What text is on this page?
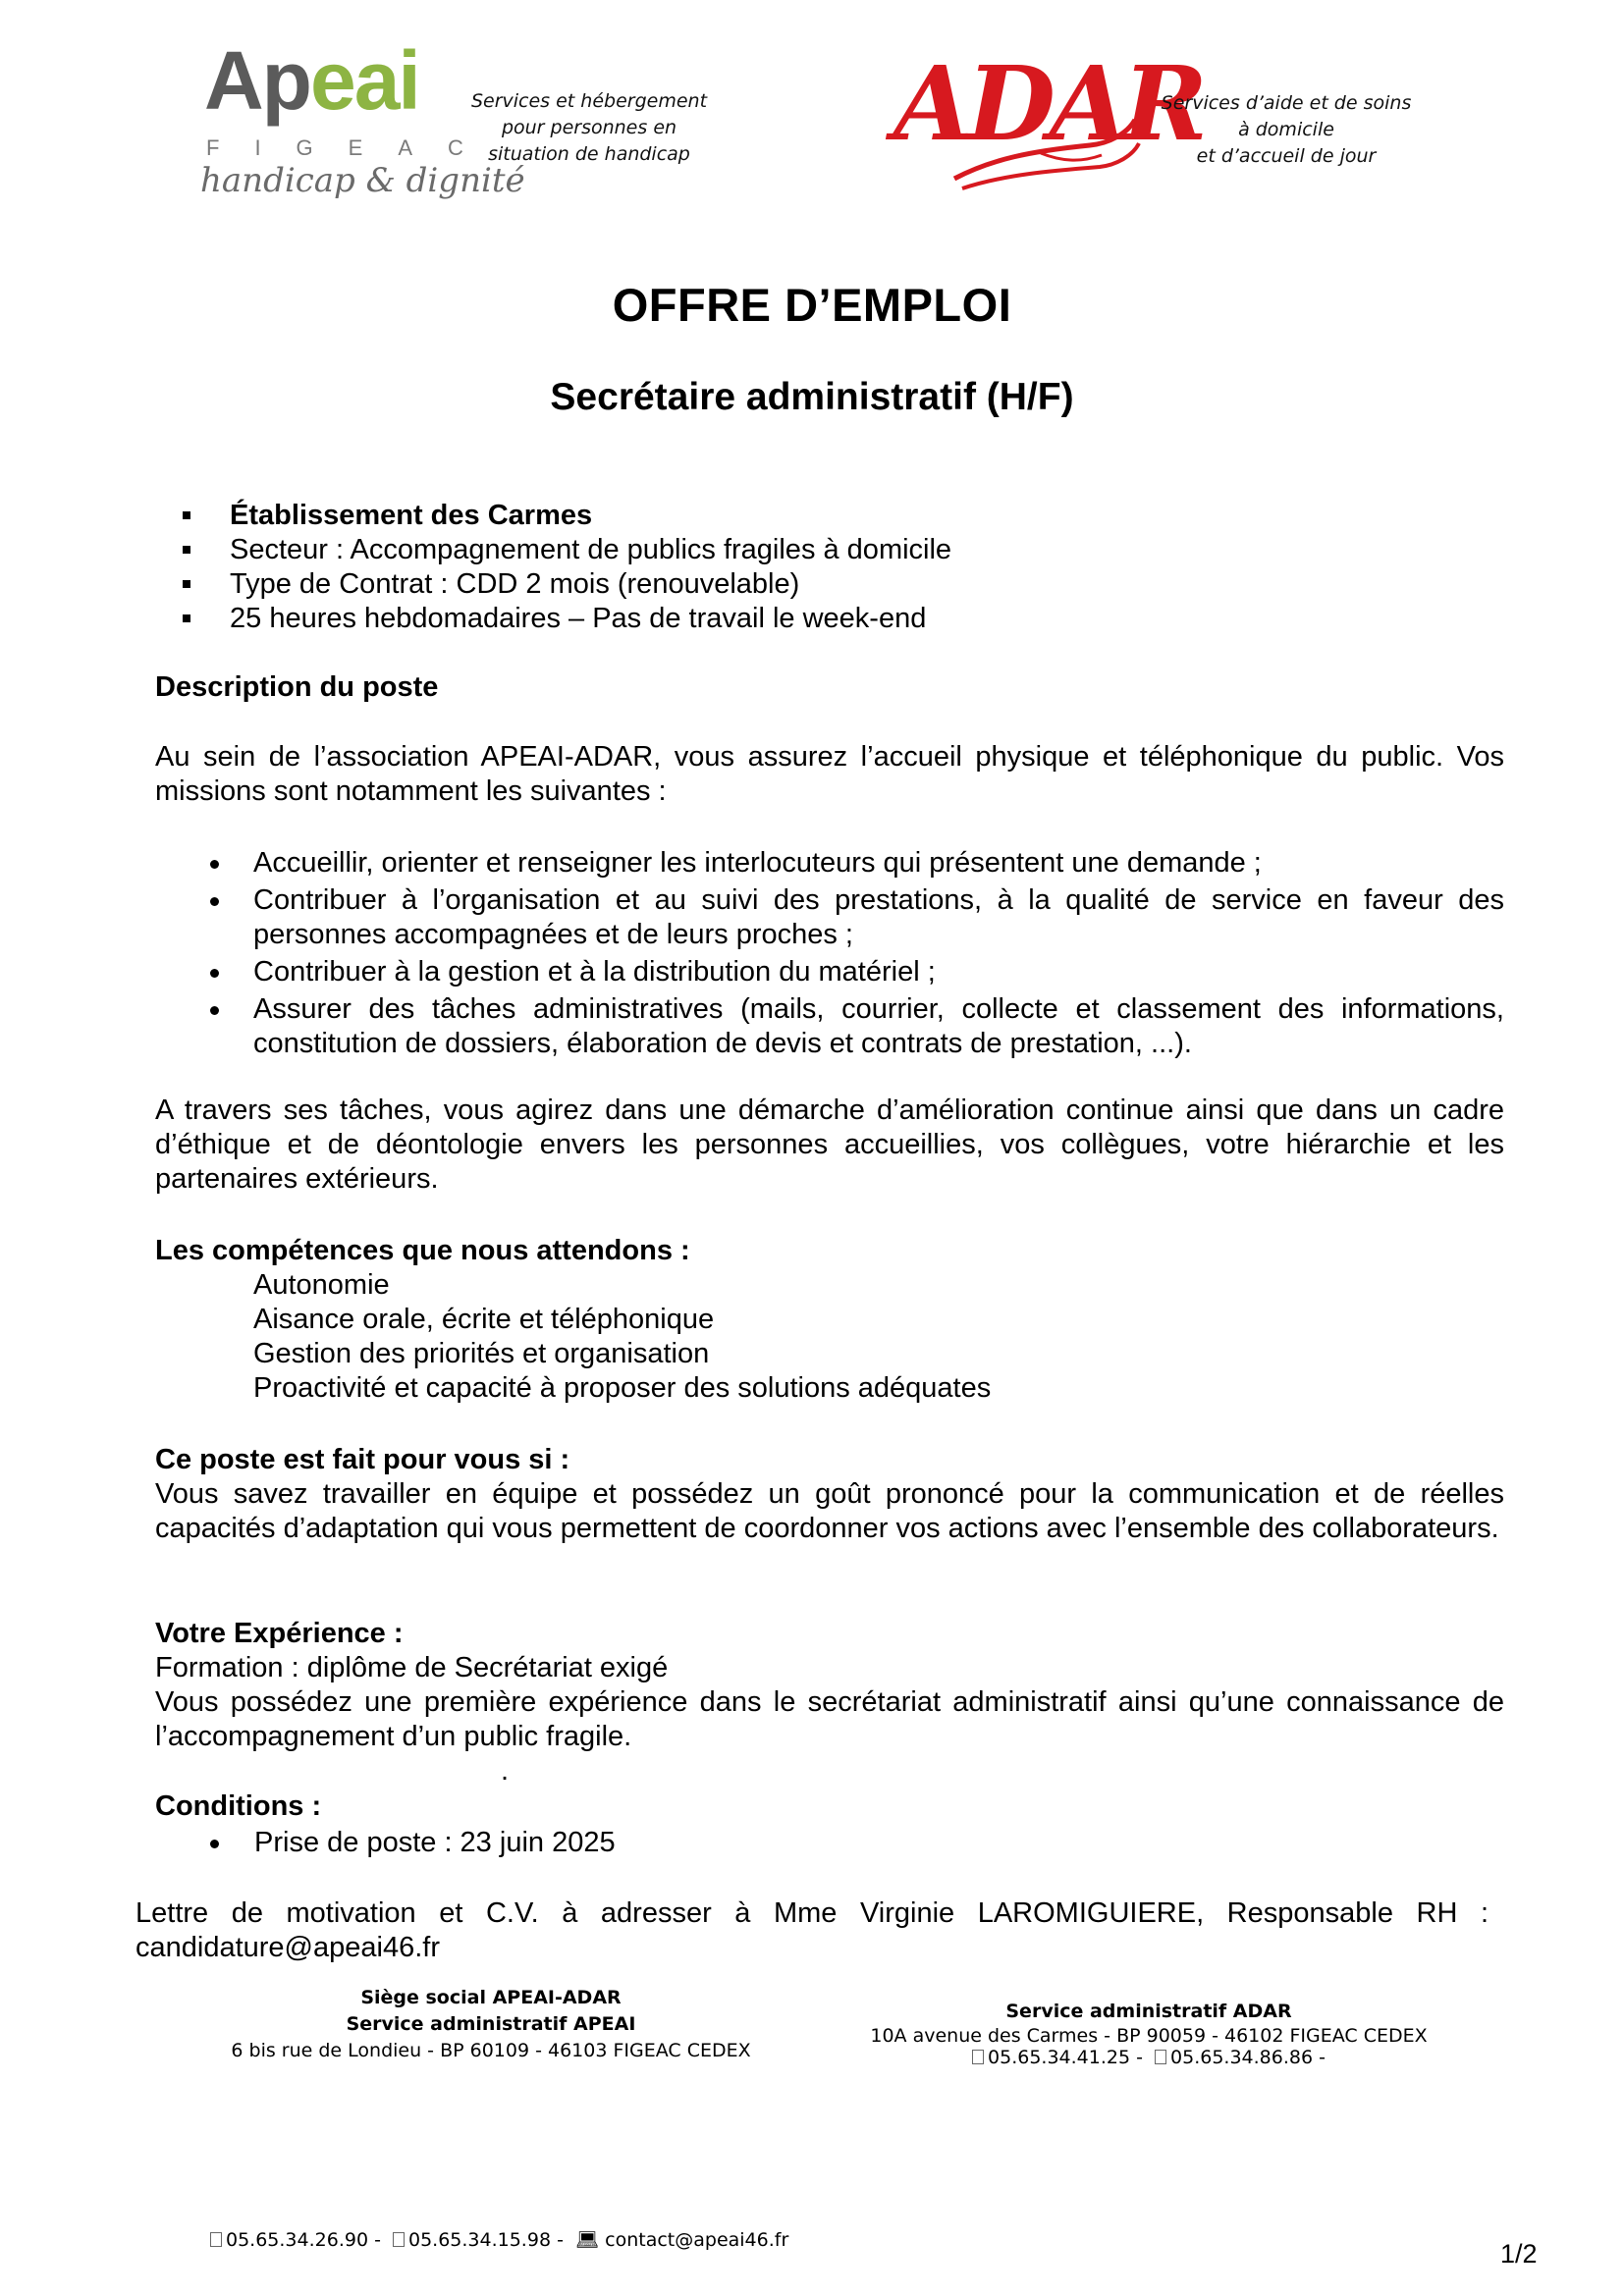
Apeai
FIGEAC
handicap & dignité
Services et hébergement
pour personnes en
situation de handicap	ADAR
Services d’aide et de soins
à domicile
et d’accueil de jour
OFFRE D’EMPLOI
Secrétaire administratif (H/F)
Établissement des Carmes
Secteur : Accompagnement de publics fragiles à domicile
Type de Contrat : CDD 2 mois (renouvelable)
25 heures hebdomadaires – Pas de travail le week-end
Description du poste
Au sein de l’association APEAI-ADAR, vous assurez l’accueil physique et téléphonique du public. Vos missions sont notamment les suivantes :
Accueillir, orienter et renseigner les interlocuteurs qui présentent une demande ;
Contribuer à l’organisation et au suivi des prestations, à la qualité de service en faveur des personnes accompagnées et de leurs proches ;
Contribuer à la gestion et à la distribution du matériel ;
Assurer des tâches administratives (mails, courrier, collecte et classement des informations, constitution de dossiers, élaboration de devis et contrats de prestation, ...).
A travers ses tâches, vous agirez dans une démarche d’amélioration continue ainsi que dans un cadre d’éthique et de déontologie envers les personnes accueillies, vos collègues, votre hiérarchie et les partenaires extérieurs.
Les compétences que nous attendons :
Autonomie
Aisance orale, écrite et téléphonique
Gestion des priorités et organisation
Proactivité et capacité à proposer des solutions adéquates
Ce poste est fait pour vous si :
Vous savez travailler en équipe et possédez un goût prononcé pour la communication et de réelles capacités d’adaptation qui vous permettent de coordonner vos actions avec l’ensemble des collaborateurs.
Votre Expérience :
Formation : diplôme de Secrétariat exigé
Vous possédez une première expérience dans le secrétariat administratif ainsi qu’une connaissance de l’accompagnement d’un public fragile.
.
Conditions :
Prise de poste : 23 juin 2025
Lettre de motivation et C.V. à adresser à Mme Virginie LAROMIGUIERE, Responsable RH : candidature@apeai46.fr
Siège social APEAI-ADAR
Service administratif APEAI
6 bis rue de Londieu - BP 60109 - 46103 FIGEAC CEDEX
Service administratif ADAR
10A avenue des Carmes - BP 90059 - 46102 FIGEAC CEDEX
05.65.34.41.25 - 05.65.34.86.86 -
05.65.34.26.90 - 05.65.34.15.98 - 💻︎ contact@apeai46.fr	1/2
